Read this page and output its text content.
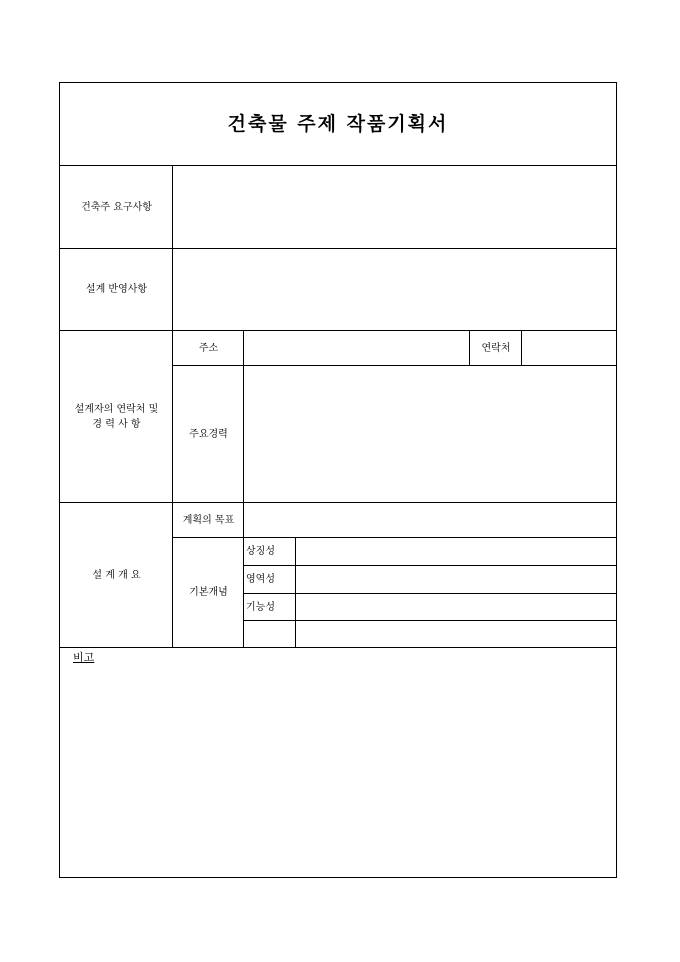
건축물 주제 작품기획서
건축주 요구사항
설계 반영사항
설계자의 연락처 및
경 력 사 항
주소	연락처
주요경력
설 계 개 요
계획의 목표
기본개념
상징성
영역성
기능성
비고
